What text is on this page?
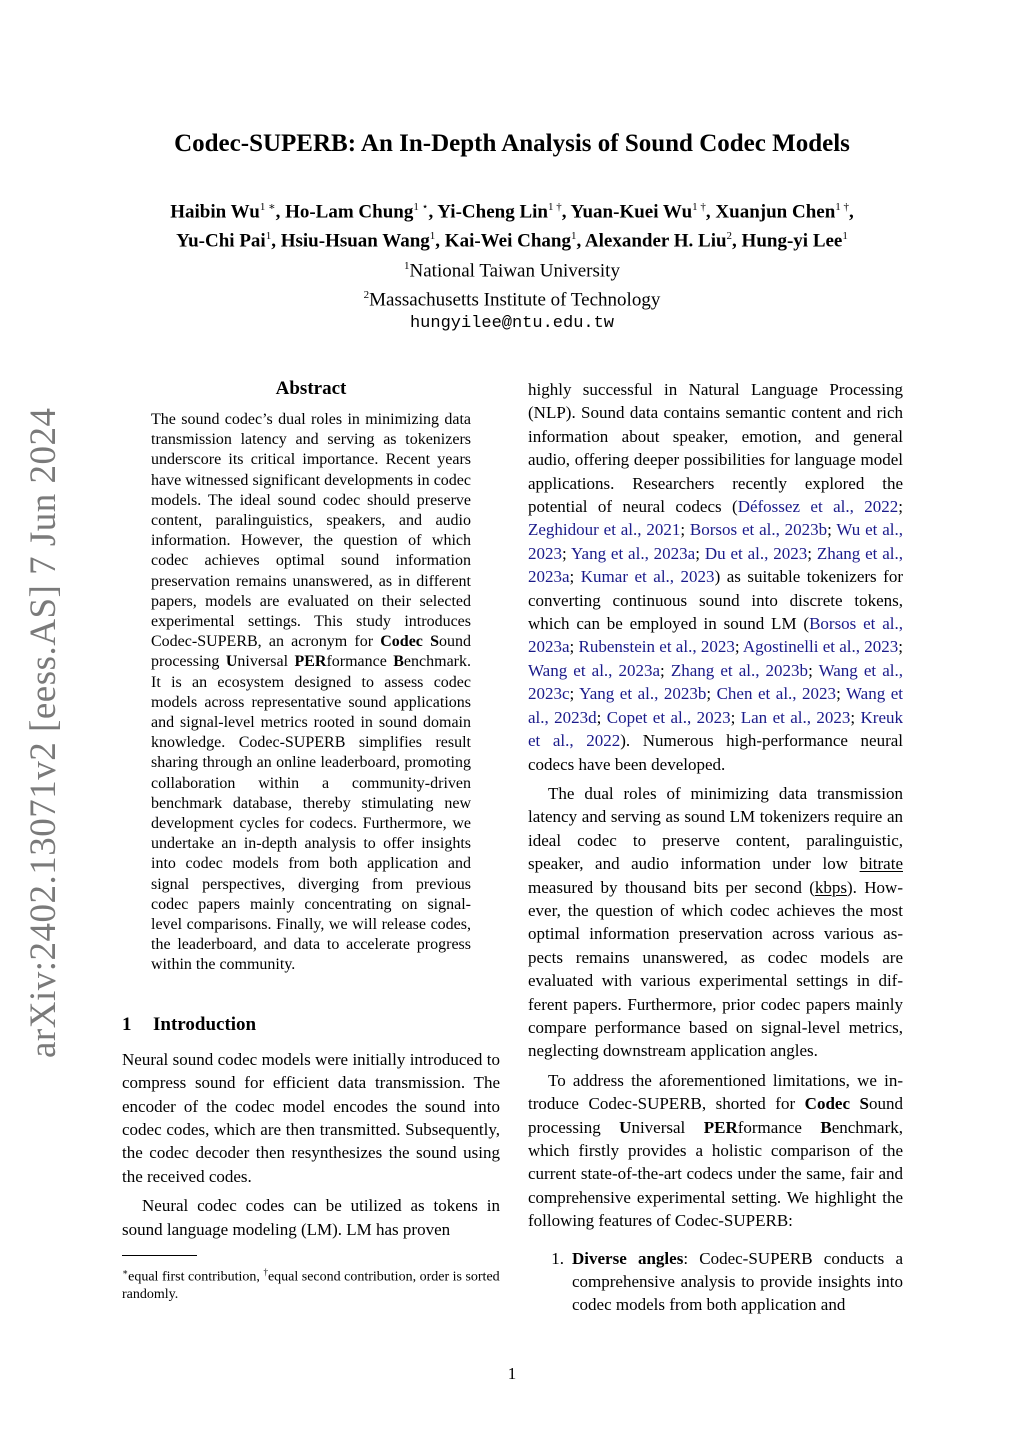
arXiv:2402.13071v2 [eess.AS] 7 Jun 2024
Codec-SUPERB: An In-Depth Analysis of Sound Codec Models
Haibin $Wu^{1 ∗}$, Ho-Lam Chung$^{1 ⋆}$, Yi-Cheng Lin$^{1 \dagger}$, Yuan-Kuei $Wu^{1 \dagger}$, Xuanjun Chen$^{1 \dagger}$,
Yu-Chi Pai$^1$, Hsiu-Hsuan Wang$^1$, Kai-Wei Chang$^1$, Alexander H. Liu$^2$, Hung-yi Lee$^1$
$^1$National Taiwan University
$^2$Massachusetts Institute of Technology
hungyilee@ntu.edu.tw
Abstract

The sound codec’s dual roles in minimizing data transmission latency and serving as tokenizers underscore its critical importance. Recent years have witnessed significant developments in codec models. The ideal sound codec should preserve content, paralinguistics, speakers, and audio information. However, the question of which codec achieves optimal sound information preservation remains unanswered, as in different papers, models are evaluated on their selected experimental settings. This study introduces Codec-SUPERB, an acronym for Codec Sound processing Universal PERformance Benchmark. It is an ecosystem designed to assess codec models across representative sound applications and signal-level metrics rooted in sound domain knowledge. Codec-SUPERB simplifies result sharing through an online leaderboard, promoting collaboration within a community-driven benchmark database, thereby stimulating new development cycles for codecs. Furthermore, we undertake an in-depth analysis to offer insights into codec models from both application and signal perspectives, diverging from previous codec papers mainly concentrating on signal-level comparisons. Finally, we will release codes, the leaderboard, and data to accelerate progress within the community.

1 Introduction

Neural sound codec models were initially introduced to compress sound for efficient data transmission. The encoder of the codec model encodes the sound into codec codes, which are then transmitted. Subsequently, the codec decoder then resynthesizes the sound using the received codes.

Neural codec codes can be utilized as tokens in sound language modeling (LM). LM has proven

∗equal first contribution, †equal second contribution, order is sorted randomly.

highly successful in Natural Language Processing (NLP). Sound data contains semantic content and rich information about speaker, emotion, and general audio, offering deeper possibilities for language model applications. Researchers recently explored the potential of neural codecs (Défossez et al., 2022; Zeghidour et al., 2021; Borsos et al., 2023b; Wu et al., 2023; Yang et al., 2023a; Du et al., 2023; Zhang et al., 2023a; Kumar et al., 2023) as suitable tokenizers for converting continuous sound into discrete tokens, which can be employed in sound LM (Borsos et al., 2023a; Rubenstein et al., 2023; Agostinelli et al., 2023; Wang et al., 2023a; Zhang et al., 2023b; Wang et al., 2023c; Yang et al., 2023b; Chen et al., 2023; Wang et al., 2023d; Copet et al., 2023; Lan et al., 2023; Kreuk et al., 2022). Numerous high-performance neural codecs have been developed.

The dual roles of minimizing data transmission latency and serving as sound LM tokenizers require an ideal codec to preserve content, paralinguistic, speaker, and audio information under low bitrate measured by thousand bits per second (kbps). However, the question of which codec achieves the most optimal information preservation across various aspects remains unanswered, as codec models are evaluated with various experimental settings in different papers. Furthermore, prior codec papers mainly compare performance based on signal-level metrics, neglecting downstream application angles.

To address the aforementioned limitations, we introduce Codec-SUPERB, shorted for Codec Sound processing Universal PERformance Benchmark, which firstly provides a holistic comparison of the current state-of-the-art codecs under the same, fair and comprehensive experimental setting. We highlight the following features of Codec-SUPERB:

1. Diverse angles: Codec-SUPERB conducts a comprehensive analysis to provide insights into codec models from both application and
1
